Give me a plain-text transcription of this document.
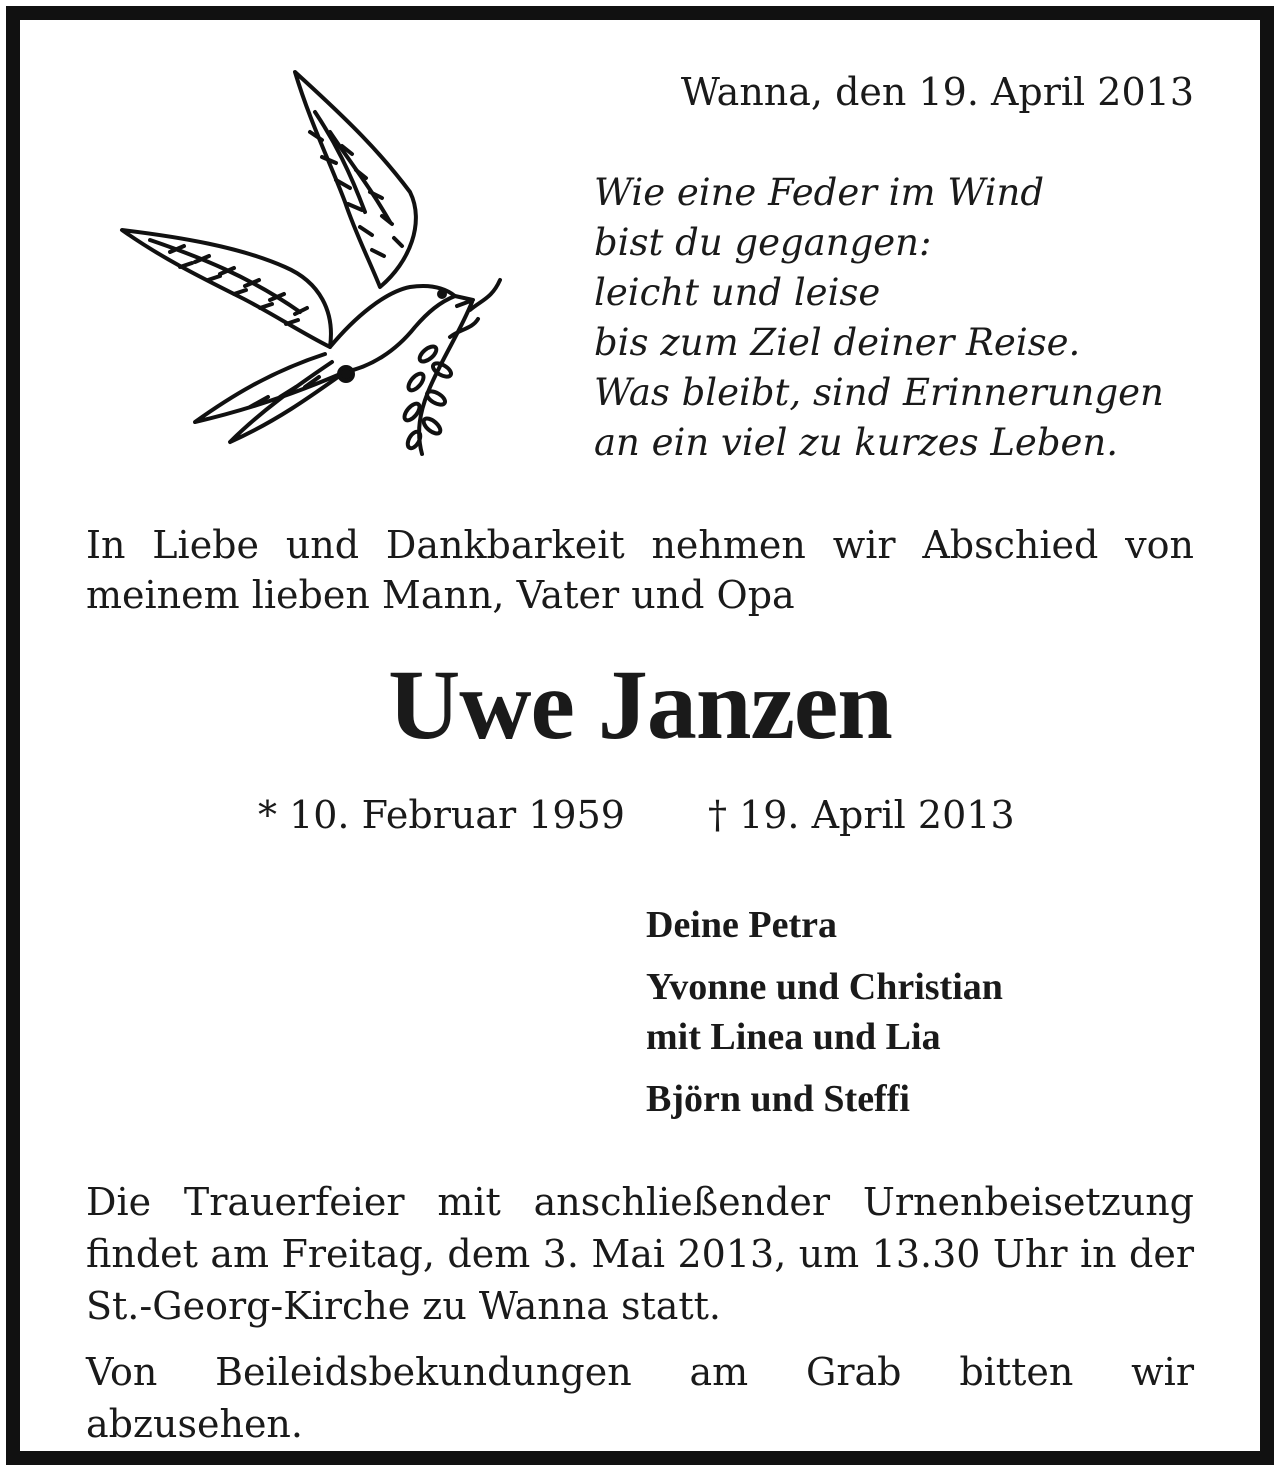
Wanna, den 19. April 2013
Wie eine Feder im Wind
bist du gegangen:
leicht und leise
bis zum Ziel deiner Reise.
Was bleibt, sind Erinnerungen
an ein viel zu kurzes Leben.
In Liebe und Dankbarkeit nehmen wir Abschied von
meinem lieben Mann, Vater und Opa
Uwe Janzen
* 10. Februar 1959 † 19. April 2013
Deine Petra
Yvonne und Christian
mit Linea und Lia
Björn und Steffi
Die Trauerfeier mit anschließender Urnenbeisetzung
findet am Freitag, dem 3. Mai 2013, um 13.30 Uhr in der
St.-Georg-Kirche zu Wanna statt.
Von Beileidsbekundungen am Grab bitten wir abzusehen.
